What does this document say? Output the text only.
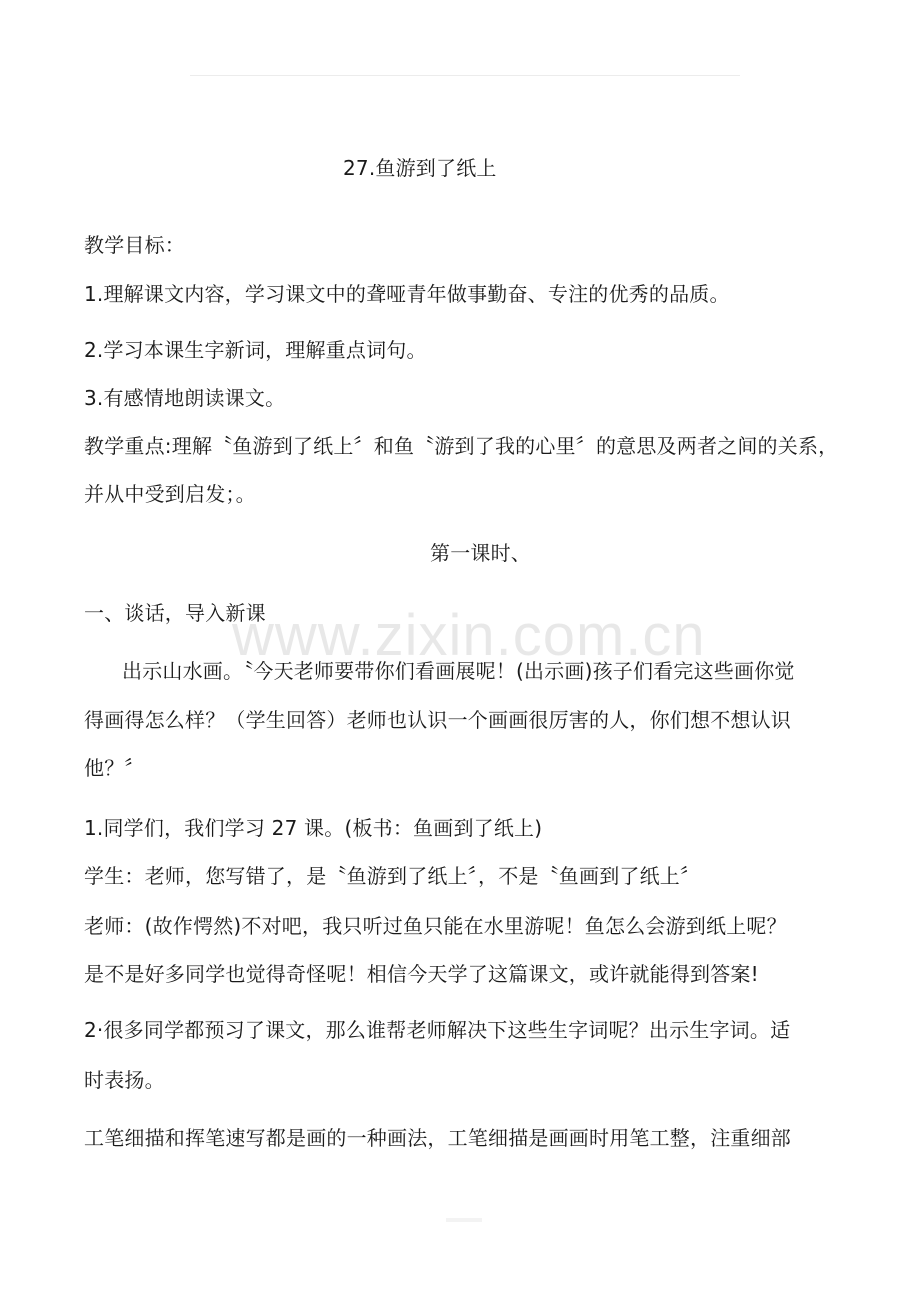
27.鱼游到了纸上
教学目标：
1.理解课文内容，学习课文中的聋哑青年做事勤奋、专注的优秀的品质。
2.学习本课生字新词，理解重点词句。
3.有感情地朗读课文。
教学重点:理解〝鱼游到了纸上〞和鱼〝游到了我的心里〞的意思及两者之间的关系，
并从中受到启发；。
第一课时、
一、谈话，导入新课
出示山水画。〝今天老师要带你们看画展呢！(出示画)孩子们看完这些画你觉
得画得怎么样？（学生回答）老师也认识一个画画很厉害的人，你们想不想认识
他？〞
1.同学们，我们学习 27 课。(板书：鱼画到了纸上)
学生：老师，您写错了，是〝鱼游到了纸上〞，不是〝鱼画到了纸上〞
老师：(故作愕然)不对吧，我只听过鱼只能在水里游呢！鱼怎么会游到纸上呢？
是不是好多同学也觉得奇怪呢！相信今天学了这篇课文，或许就能得到答案!
2·很多同学都预习了课文，那么谁帮老师解决下这些生字词呢？出示生字词。适
时表扬。
工笔细描和挥笔速写都是画的一种画法，工笔细描是画画时用笔工整，注重细部
www.zixin.com.cn
